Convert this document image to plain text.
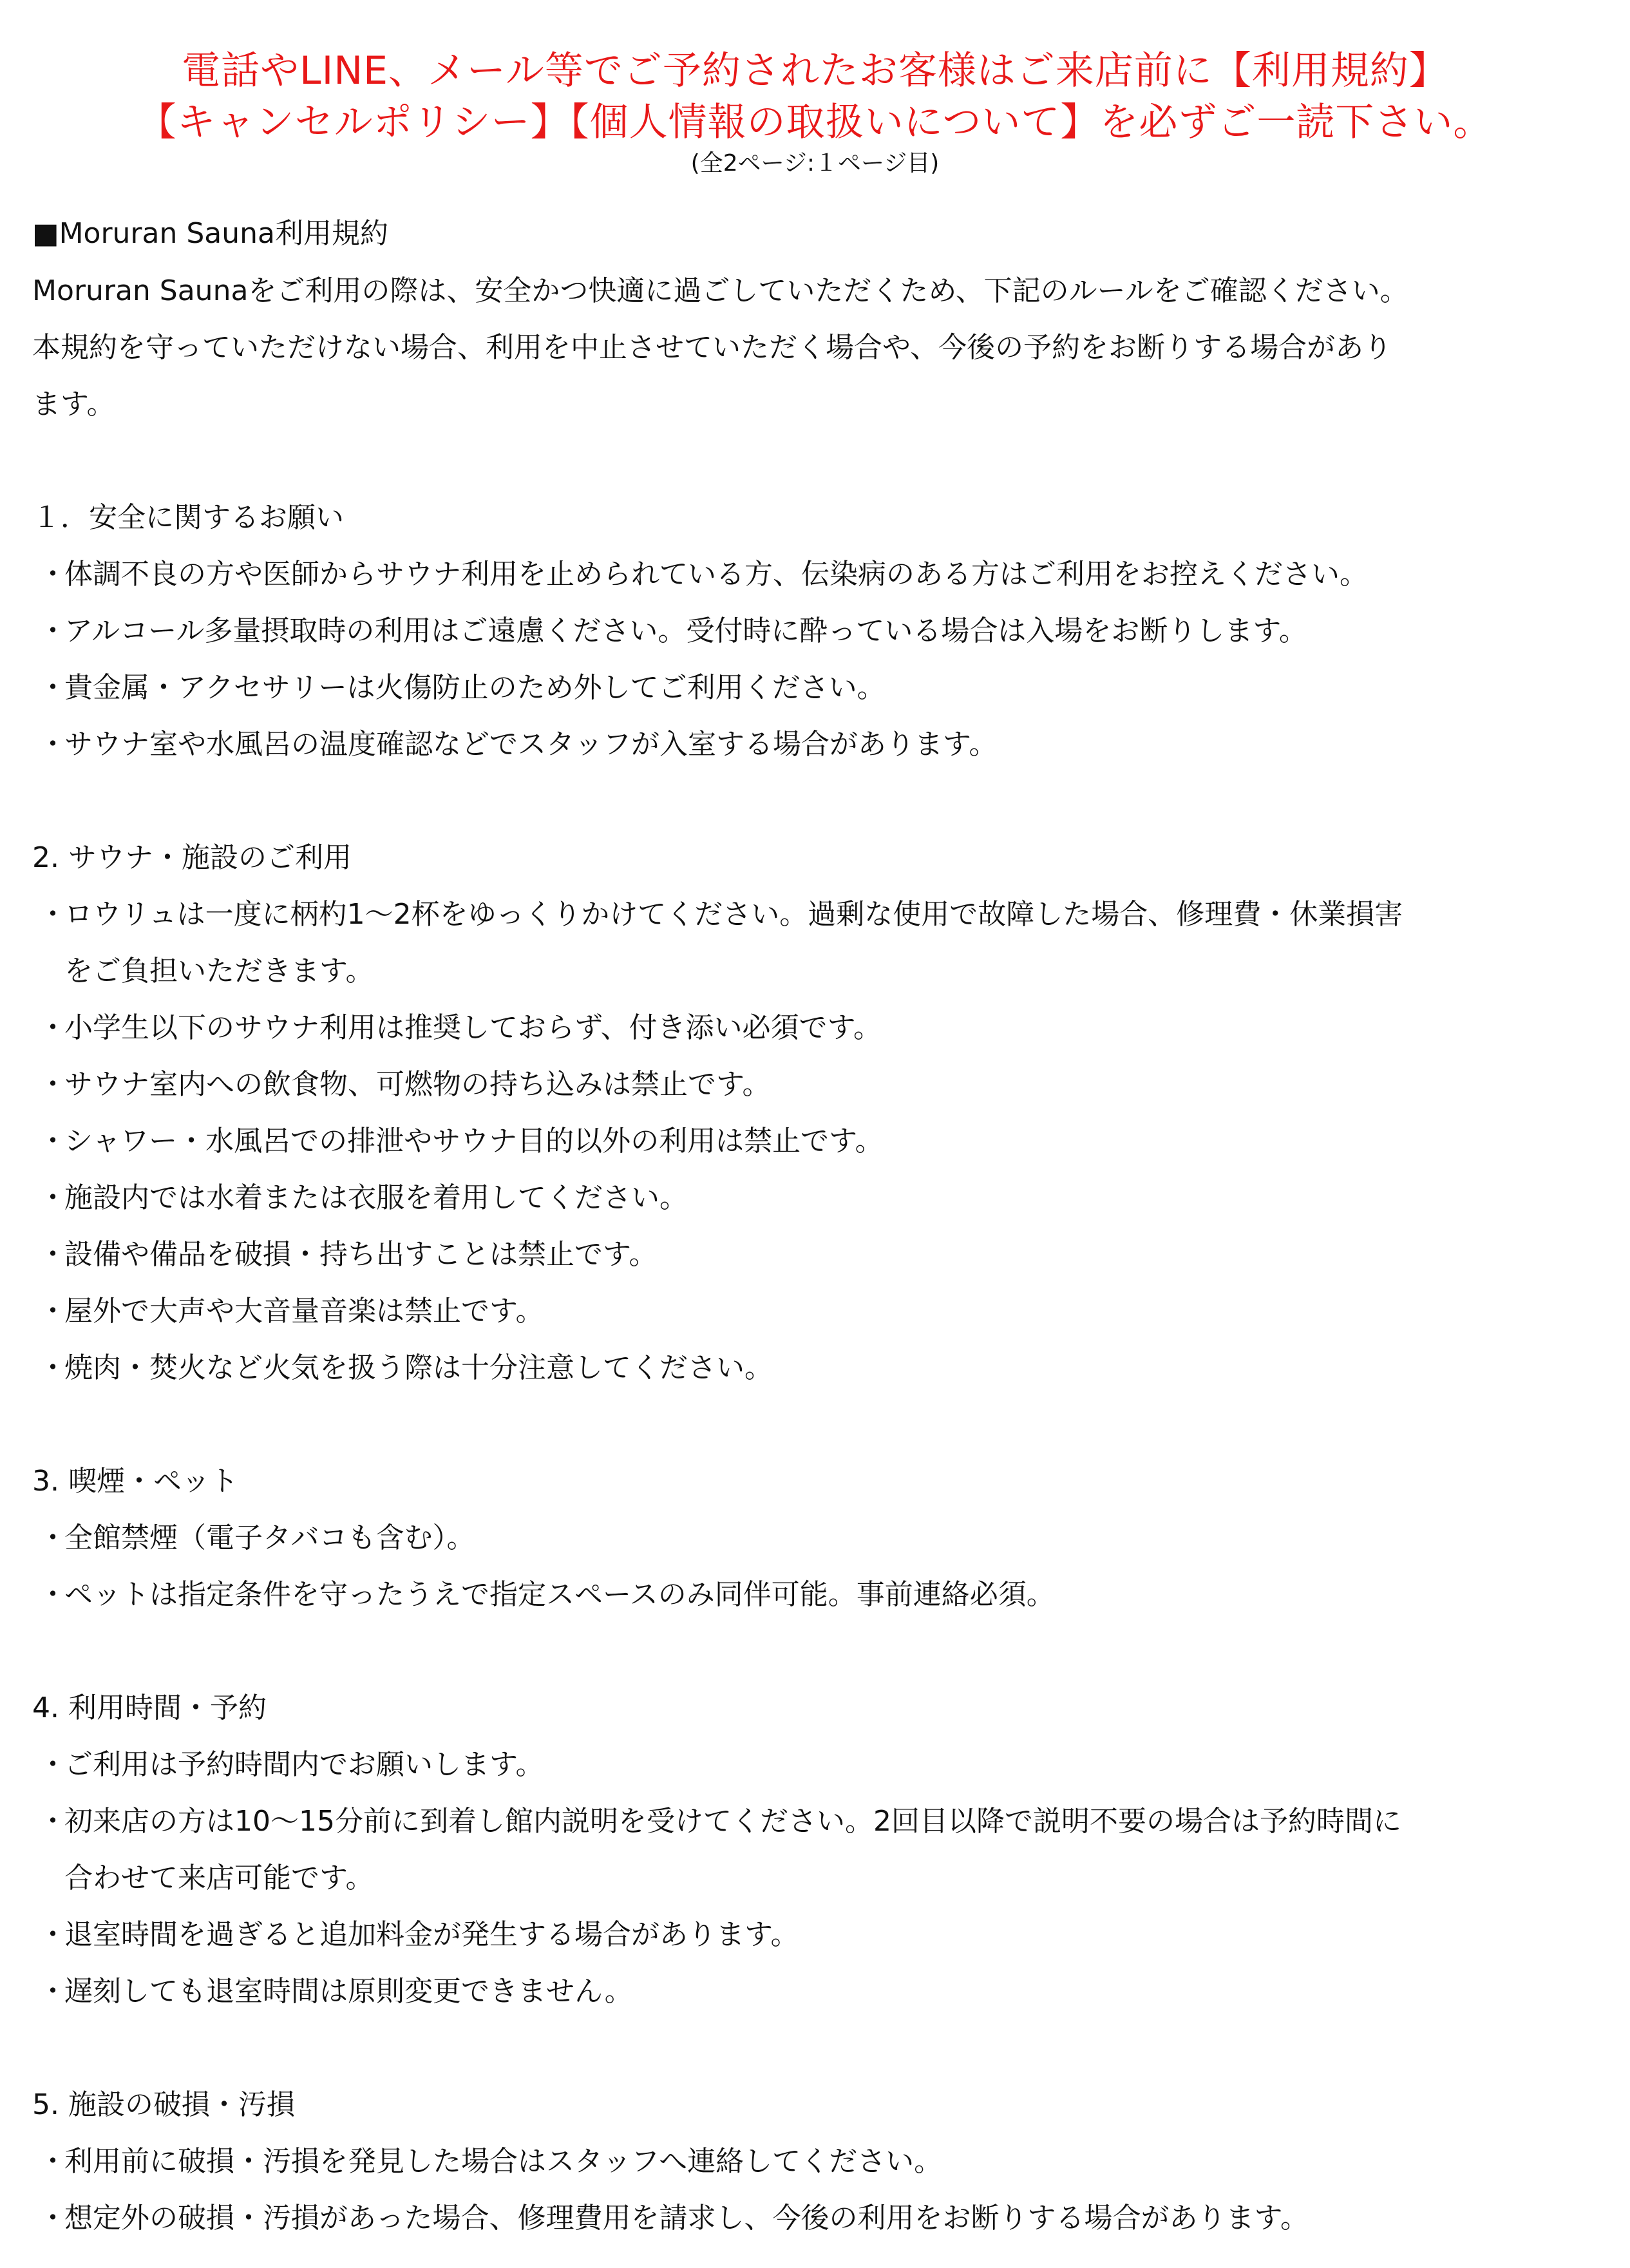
電話やLINE、メール等でご予約されたお客様はご来店前に【利用規約】
【キャンセルポリシー】【個人情報の取扱いについて】を必ずご一読下さい。
(全2ページ:１ページ目)
■Moruran Sauna利用規約
Moruran Saunaをご利用の際は、安全かつ快適に過ごしていただくため、下記のルールをご確認ください。
本規約を守っていただけない場合、利用を中止させていただく場合や、今後の予約をお断りする場合があり
ます。
１．安全に関するお願い
・
体調不良の方や医師からサウナ利用を止められている方、伝染病のある方はご利用をお控えください。
・
アルコール多量摂取時の利用はご遠慮ください。受付時に酔っている場合は入場をお断りします。
・
貴金属・アクセサリーは火傷防止のため外してご利用ください。
・
サウナ室や水風呂の温度確認などでスタッフが入室する場合があります。
2. サウナ・施設のご利用
・
ロウリュは一度に柄杓1～2杯をゆっくりかけてください。過剰な使用で故障した場合、修理費・休業損害
をご負担いただきます。
・
小学生以下のサウナ利用は推奨しておらず、付き添い必須です。
・
サウナ室内への飲食物、可燃物の持ち込みは禁止です。
・
シャワー・水風呂での排泄やサウナ目的以外の利用は禁止です。
・
施設内では水着または衣服を着用してください。
・
設備や備品を破損・持ち出すことは禁止です。
・
屋外で大声や大音量音楽は禁止です。
・
焼肉・焚火など火気を扱う際は十分注意してください。
3. 喫煙・ペット
・
全館禁煙（電子タバコも含む）。
・
ペットは指定条件を守ったうえで指定スペースのみ同伴可能。事前連絡必須。
4. 利用時間・予約
・
ご利用は予約時間内でお願いします。
・
初来店の方は10～15分前に到着し館内説明を受けてください。2回目以降で説明不要の場合は予約時間に
合わせて来店可能です。
・
退室時間を過ぎると追加料金が発生する場合があります。
・
遅刻しても退室時間は原則変更できません。
5. 施設の破損・汚損
・
利用前に破損・汚損を発見した場合はスタッフへ連絡してください。
・
想定外の破損・汚損があった場合、修理費用を請求し、今後の利用をお断りする場合があります。
